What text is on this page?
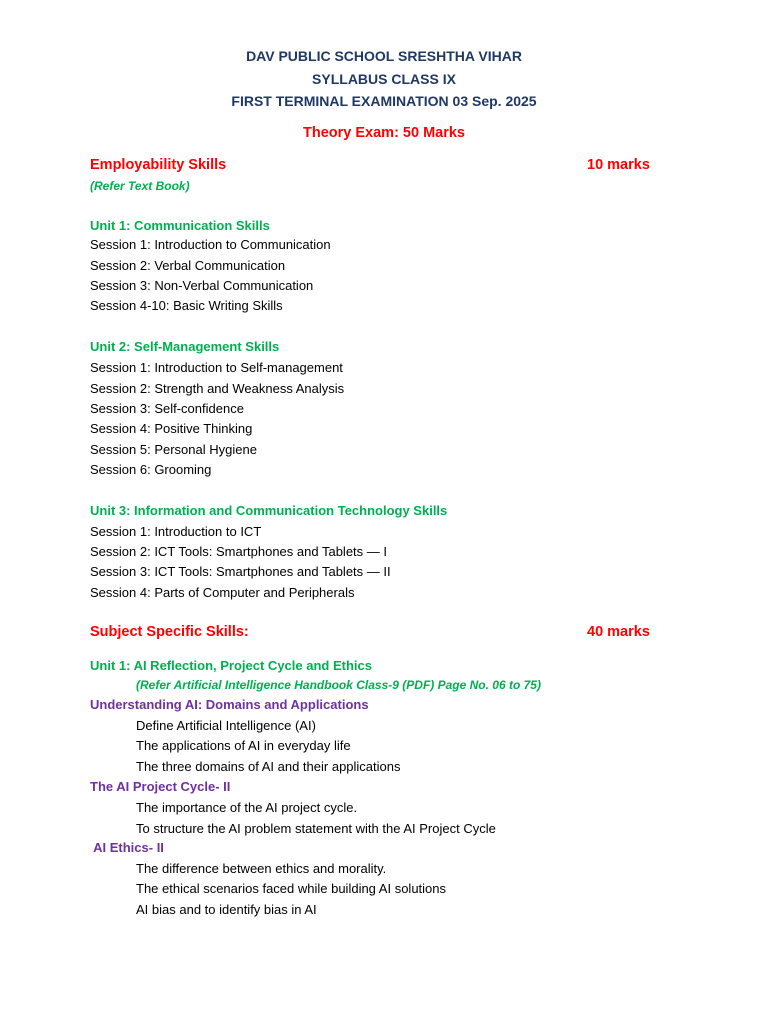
DAV PUBLIC SCHOOL SRESHTHA VIHAR
SYLLABUS CLASS IX
FIRST TERMINAL EXAMINATION 03 Sep. 2025
Theory Exam: 50 Marks
Employability Skills	10 marks
(Refer Text Book)
Unit 1: Communication Skills
Session 1: Introduction to Communication
Session 2: Verbal Communication
Session 3: Non-Verbal Communication
Session 4-10: Basic Writing Skills
Unit 2: Self-Management Skills
Session 1: Introduction to Self-management
Session 2: Strength and Weakness Analysis
Session 3: Self-confidence
Session 4: Positive Thinking
Session 5: Personal Hygiene
Session 6: Grooming
Unit 3: Information and Communication Technology Skills
Session 1: Introduction to ICT
Session 2: ICT Tools: Smartphones and Tablets — I
Session 3: ICT Tools: Smartphones and Tablets — II
Session 4: Parts of Computer and Peripherals
Subject Specific Skills:	40 marks
Unit 1: AI Reflection, Project Cycle and Ethics
(Refer Artificial Intelligence Handbook Class-9 (PDF) Page No. 06 to 75)
Understanding AI: Domains and Applications
Define Artificial Intelligence (AI)
The applications of AI in everyday life
The three domains of AI and their applications
The AI Project Cycle- II
The importance of the AI project cycle.
To structure the AI problem statement with the AI Project Cycle
AI Ethics- II
The difference between ethics and morality.
The ethical scenarios faced while building AI solutions
AI bias and to identify bias in AI
